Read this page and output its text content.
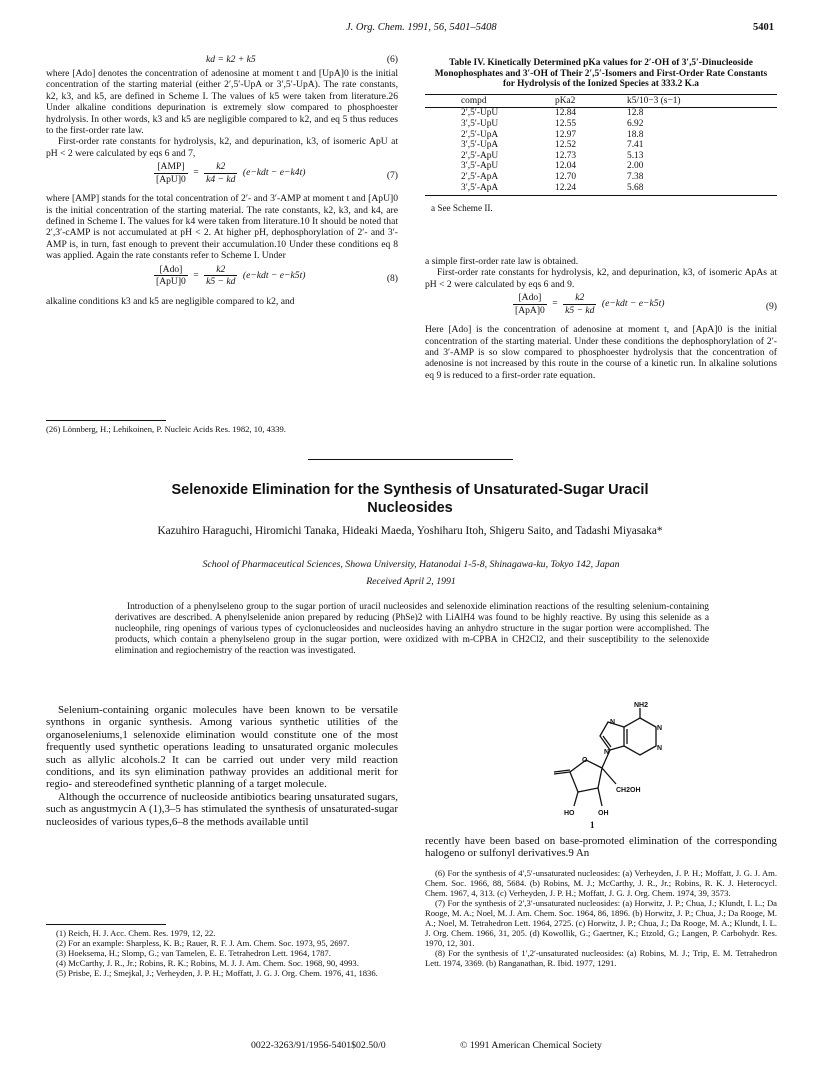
J. Org. Chem. 1991, 56, 5401–5408	5401
kd = k2 + k5	(6)

where [Ado] denotes the concentration of adenosine at moment t and [UpA]0 is the initial concentration of the starting material (either 2′,5′-UpA or 3′,5′-UpA). The rate constants, k2, k3, and k5, are defined in Scheme I. The values of k5 were taken from literature.26 Under alkaline conditions depurination is extremely slow compared to phosphoester hydrolysis. In other words, k3 and k5 are negligible compared to k2, and eq 5 thus reduces to the first-order rate law.

First-order rate constants for hydrolysis, k2, and depurination, k3, of isomeric ApU at pH < 2 were calculated by eqs 6 and 7,

$\frac{\text{[AMP]}}{\text{[ApU]0}} = \frac{k2}{k4 - kd} (e-kdt - e-k4t)$	(7)

where [AMP] stands for the total concentration of 2′- and 3′-AMP at moment t and [ApU]0 is the initial concentration of the starting material. The rate constants, k2, k3, and k4, are defined in Scheme I. The values for k4 were taken from literature.10 It should be noted that 2′,3′-cAMP is not accumulated at pH < 2. At higher pH, dephosphorylation of 2′- and 3′-AMP is, in turn, fast enough to prevent their accumulation.10 Under these conditions eq 8 was applied. Again the rate constants refer to Scheme I. Under

$\frac{\text{[Ado]}}{\text{[ApU]0}} = \frac{k2}{k5 - kd} (e-kdt - e-k5t)$	(8)

alkaline conditions k3 and k5 are negligible compared to k2, and

(26) Lönnberg, H.; Lehikoinen, P. Nucleic Acids Res. 1982, 10, 4339.

Table IV. Kinetically Determined pKa values for 2′-OH of 3′,5′-Dinucleoside Monophosphates and 3′-OH of Their 2′,5′-Isomers and First-Order Rate Constants for Hydrolysis of the Ionized Species at 333.2 K.a

compd	pKa2	k5/10−3 (s−1)
2′,5′-UpU	12.84	12.8
3′,5′-UpU	12.55	6.92
2′,5′-UpA	12.97	18.8
3′,5′-UpA	12.52	7.41
2′,5′-ApU	12.73	5.13
3′,5′-ApU	12.04	2.00
2′,5′-ApA	12.70	7.38
3′,5′-ApA	12.24	5.68

a See Scheme II.

a simple first-order rate law is obtained.

First-order rate constants for hydrolysis, k2, and depurination, k3, of isomeric ApAs at pH < 2 were calculated by eqs 6 and 9.

$\frac{\text{[Ado]}}{\text{[ApA]0}} = \frac{k2}{k5 - kd} (e-kdt - e-k5t)$	(9)

Here [Ado] is the concentration of adenosine at moment t, and [ApA]0 is the initial concentration of the starting material. Under these conditions the dephosphorylation of 2′- and 3′-AMP is so slow compared to phosphoester hydrolysis that the concentration of adenosine is not increased by this route in the course of a kinetic run. In alkaline solutions eq 9 is reduced to a first-order rate equation.

Selenoxide Elimination for the Synthesis of Unsaturated-Sugar Uracil Nucleosides
Kazuhiro Haraguchi, Hiromichi Tanaka, Hideaki Maeda, Yoshiharu Itoh, Shigeru Saito, and Tadashi Miyasaka*
School of Pharmaceutical Sciences, Showa University, Hatanodai 1-5-8, Shinagawa-ku, Tokyo 142, Japan
Received April 2, 1991
Introduction of a phenylseleno group to the sugar portion of uracil nucleosides and selenoxide elimination reactions of the resulting selenium-containing derivatives are described. A phenylselenide anion prepared by reducing (PhSe)2 with LiAlH4 was found to be highly reactive. By using this selenide as a nucleophile, ring openings of various types of cyclonucleosides and nucleosides having an anhydro structure in the sugar portion were accomplished. The products, which contain a phenylseleno group in the sugar portion, were oxidized with m-CPBA in CH2Cl2, and their susceptibility to the selenoxide elimination and regiochemistry of the reaction was investigated.

Selenium-containing organic molecules have been known to be versatile synthons in organic synthesis. Among various synthetic utilities of the organoseleniums,1 selenoxide elimination would constitute one of the most frequently used synthetic operations leading to unsaturated organic molecules such as allylic alcohols.2 It can be carried out under very mild reaction conditions, and its syn elimination pathway provides an additional merit for regio- and stereodefined synthetic planning of a target molecule.

Although the occurrence of nucleoside antibiotics bearing unsaturated sugars, such as angustmycin A (1),3–5 has stimulated the synthesis of unsaturated-sugar nucleosides of various types,6–8 the methods available until

NH2
N
N
N
N
O
CH2OH
HO	OH
1

recently have been based on base-promoted elimination of the corresponding halogeno or sulfonyl derivatives.9 An

(1) Reich, H. J. Acc. Chem. Res. 1979, 12, 22.

(2) For an example: Sharpless, K. B.; Rauer, R. F. J. Am. Chem. Soc. 1973, 95, 2697.

(3) Hoeksema, H.; Slomp, G.; van Tamelen, E. E. Tetrahedron Lett. 1964, 1787.

(4) McCarthy, J. R., Jr.; Robins, R. K.; Robins, M. J. J. Am. Chem. Soc. 1968, 90, 4993.

(5) Prisbe, E. J.; Smejkal, J.; Verheyden, J. P. H.; Moffatt, J. G. J. Org. Chem. 1976, 41, 1836.

(6) For the synthesis of 4′,5′-unsaturated nucleosides: (a) Verheyden, J. P. H.; Moffatt, J. G. J. Am. Chem. Soc. 1966, 88, 5684. (b) Robins, M. J.; McCarthy, J. R., Jr.; Robins, R. K. J. Heterocycl. Chem. 1967, 4, 313. (c) Verheyden, J. P. H.; Moffatt, J. G. J. Org. Chem. 1974, 39, 3573.

(7) For the synthesis of 2′,3′-unsaturated nucleosides: (a) Horwitz, J. P.; Chua, J.; Klundt, I. L.; Da Rooge, M. A.; Noel, M. J. Am. Chem. Soc. 1964, 86, 1896. (b) Horwitz, J. P.; Chua, J.; Da Rooge, M. A.; Noel, M. Tetrahedron Lett. 1964, 2725. (c) Horwitz, J. P.; Chua, J.; Da Rooge, M. A.; Klundt, I. L. J. Org. Chem. 1966, 31, 205. (d) Kowollik, G.; Gaertner, K.; Etzold, G.; Langen, P. Carbohydr. Res. 1970, 12, 301.

(8) For the synthesis of 1′,2′-unsaturated nucleosides: (a) Robins, M. J.; Trip, E. M. Tetrahedron Lett. 1974, 3369. (b) Ranganathan, R. Ibid. 1977, 1291.

0022-3263/91/1956-5401$02.50/0	© 1991 American Chemical Society
